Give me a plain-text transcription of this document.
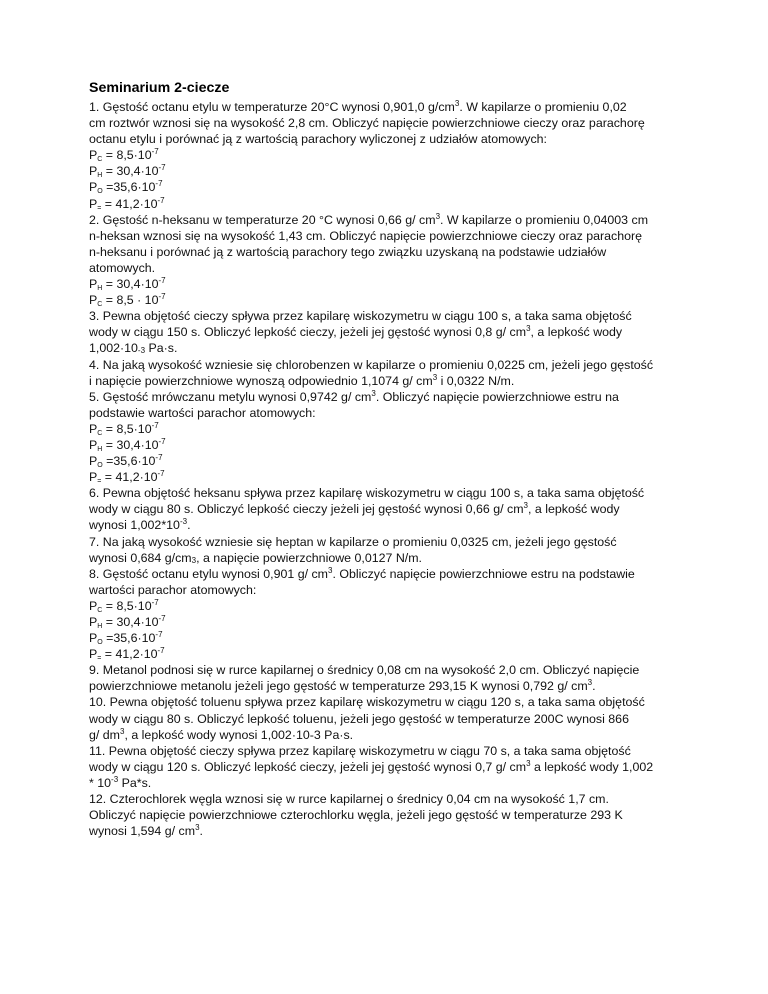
Seminarium 2-ciecze
1. Gęstość octanu etylu w temperaturze 20°C wynosi 0,901,0 $g/cm^3$. W kapilarze o promieniu 0,02
cm roztwór wznosi się na wysokość 2,8 cm. Obliczyć napięcie powierzchniowe cieczy oraz parachorę
octanu etylu i porównać ją z wartością parachory wyliczonej z udziałów atomowych:
PC = $8,5\cdot 10^{-7}$
PH = $30,4\cdot 10^{-7}$
PO $=35,6\cdot 10^{-7}$
$P= = 41,2\cdot 10^{-7}$
2. Gęstość n-heksanu w temperaturze 20 °C wynosi 0,66 g/ $cm^3$. W kapilarze o promieniu 0,04003 cm
n-heksan wznosi się na wysokość 1,43 cm. Obliczyć napięcie powierzchniowe cieczy oraz parachorę
n-heksanu i porównać ją z wartością parachory tego związku uzyskaną na podstawie udziałów
atomowych.
PH = $30,4\cdot 10^{-7}$
PC = $8,5 \cdot 10^{-7}$
3. Pewna objętość cieczy spływa przez kapilarę wiskozymetru w ciągu 100 s, a taka sama objętość
wody w ciągu 150 s. Obliczyć lepkość cieczy, jeżeli jej gęstość wynosi 0,8 g/ $cm^3$, a lepkość wody
1,002·10-3 Pa·s.
4. Na jaką wysokość wzniesie się chlorobenzen w kapilarze o promieniu 0,0225 cm, jeżeli jego gęstość
i napięcie powierzchniowe wynoszą odpowiednio 1,1074 g/ $cm^3$ i 0,0322 N/m.
5. Gęstość mrówczanu metylu wynosi 0,9742 g/ $cm^3$. Obliczyć napięcie powierzchniowe estru na
podstawie wartości parachor atomowych:
PC = $8,5\cdot 10^{-7}$
PH = $30,4\cdot 10^{-7}$
PO $=35,6\cdot 10^{-7}$
$P= = 41,2\cdot 10^{-7}$
6. Pewna objętość heksanu spływa przez kapilarę wiskozymetru w ciągu 100 s, a taka sama objętość
wody w ciągu 80 s. Obliczyć lepkość cieczy jeżeli jej gęstość wynosi 0,66 g/ $cm^3$, a lepkość wody
wynosi $1,002*10^{-3}$.
7. Na jaką wysokość wzniesie się heptan w kapilarze o promieniu 0,0325 cm, jeżeli jego gęstość
wynosi 0,684 g/cm3, a napięcie powierzchniowe 0,0127 N/m.
8. Gęstość octanu etylu wynosi 0,901 g/ $cm^3$. Obliczyć napięcie powierzchniowe estru na podstawie
wartości parachor atomowych:
PC = $8,5\cdot 10^{-7}$
PH = $30,4\cdot 10^{-7}$
PO $=35,6\cdot 10^{-7}$
$P= = 41,2\cdot 10^{-7}$
9. Metanol podnosi się w rurce kapilarnej o średnicy 0,08 cm na wysokość 2,0 cm. Obliczyć napięcie
powierzchniowe metanolu jeżeli jego gęstość w temperaturze 293,15 K wynosi 0,792 g/ $cm^3$.
10. Pewna objętość toluenu spływa przez kapilarę wiskozymetru w ciągu 120 s, a taka sama objętość
wody w ciągu 80 s. Obliczyć lepkość toluenu, jeżeli jego gęstość w temperaturze 200C wynosi 866
g/ $dm^3$, a lepkość wody wynosi 1,002·10-3 Pa·s.
11. Pewna objętość cieczy spływa przez kapilarę wiskozymetru w ciągu 70 s, a taka sama objętość
wody w ciągu 120 s. Obliczyć lepkość cieczy, jeżeli jej gęstość wynosi 0,7 g/ $cm^3$ a lepkość wody 1,002
* $10^{-3}$ Pa*s.
12. Czterochlorek węgla wznosi się w rurce kapilarnej o średnicy 0,04 cm na wysokość 1,7 cm.
Obliczyć napięcie powierzchniowe czterochlorku węgla, jeżeli jego gęstość w temperaturze 293 K
wynosi 1,594 g/ $cm^3$.
